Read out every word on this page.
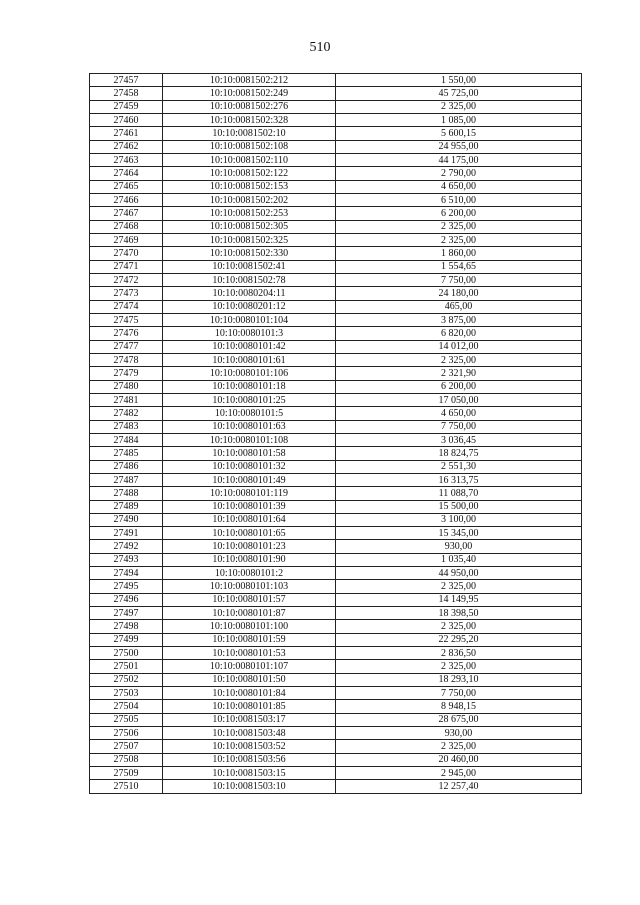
510
27457	10:10:0081502:212	1 550,00
27458	10:10:0081502:249	45 725,00
27459	10:10:0081502:276	2 325,00
27460	10:10:0081502:328	1 085,00
27461	10:10:0081502:10	5 600,15
27462	10:10:0081502:108	24 955,00
27463	10:10:0081502:110	44 175,00
27464	10:10:0081502:122	2 790,00
27465	10:10:0081502:153	4 650,00
27466	10:10:0081502:202	6 510,00
27467	10:10:0081502:253	6 200,00
27468	10:10:0081502:305	2 325,00
27469	10:10:0081502:325	2 325,00
27470	10:10:0081502:330	1 860,00
27471	10:10:0081502:41	1 554,65
27472	10:10:0081502:78	7 750,00
27473	10:10:0080204:11	24 180,00
27474	10:10:0080201:12	465,00
27475	10:10:0080101:104	3 875,00
27476	10:10:0080101:3	6 820,00
27477	10:10:0080101:42	14 012,00
27478	10:10:0080101:61	2 325,00
27479	10:10:0080101:106	2 321,90
27480	10:10:0080101:18	6 200,00
27481	10:10:0080101:25	17 050,00
27482	10:10:0080101:5	4 650,00
27483	10:10:0080101:63	7 750,00
27484	10:10:0080101:108	3 036,45
27485	10:10:0080101:58	18 824,75
27486	10:10:0080101:32	2 551,30
27487	10:10:0080101:49	16 313,75
27488	10:10:0080101:119	11 088,70
27489	10:10:0080101:39	15 500,00
27490	10:10:0080101:64	3 100,00
27491	10:10:0080101:65	15 345,00
27492	10:10:0080101:23	930,00
27493	10:10:0080101:90	1 035,40
27494	10:10:0080101:2	44 950,00
27495	10:10:0080101:103	2 325,00
27496	10:10:0080101:57	14 149,95
27497	10:10:0080101:87	18 398,50
27498	10:10:0080101:100	2 325,00
27499	10:10:0080101:59	22 295,20
27500	10:10:0080101:53	2 836,50
27501	10:10:0080101:107	2 325,00
27502	10:10:0080101:50	18 293,10
27503	10:10:0080101:84	7 750,00
27504	10:10:0080101:85	8 948,15
27505	10:10:0081503:17	28 675,00
27506	10:10:0081503:48	930,00
27507	10:10:0081503:52	2 325,00
27508	10:10:0081503:56	20 460,00
27509	10:10:0081503:15	2 945,00
27510	10:10:0081503:10	12 257,40
